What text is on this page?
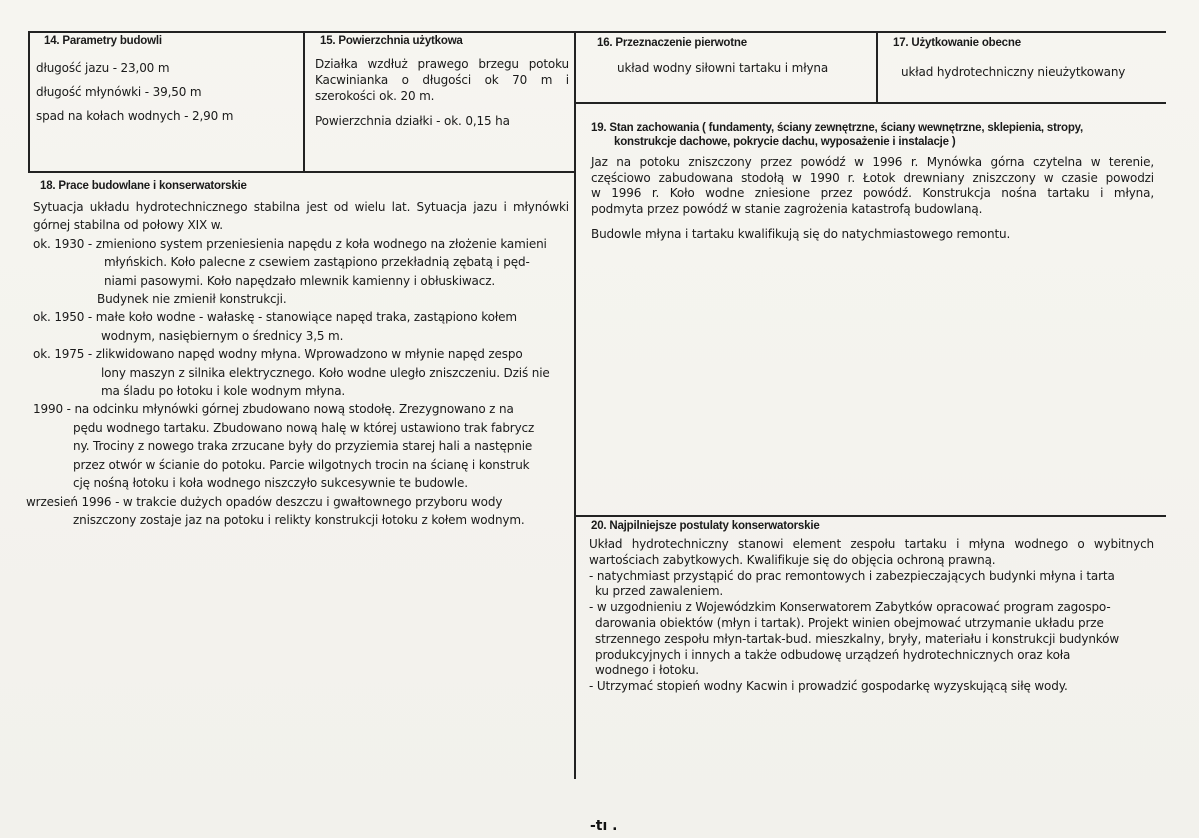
14. Parametry budowli
długość jazu - 23,00 m
długość młynówki - 39,50 m
spad na kołach wodnych - 2,90 m
15. Powierzchnia użytkowa
Działka wzdłuż prawego brzegu potoku
Kacwinianka o długości ok 70 m i
szerokości ok. 20 m.
Powierzchnia działki - ok. 0,15 ha
16. Przeznaczenie pierwotne
układ wodny siłowni tartaku i młyna
17. Użytkowanie obecne
układ hydrotechniczny nieużytkowany
18. Prace budowlane i konserwatorskie
Sytuacja układu hydrotechnicznego stabilna jest od wielu lat. Sytuacja jazu i młynówki
górnej stabilna od połowy XIX w.
ok. 1930 - zmieniono system przeniesienia napędu z koła wodnego na złożenie kamieni
młyńskich. Koło palecne z csewiem zastąpiono przekładnią zębatą i pęd-
niami pasowymi. Koło napędzało mlewnik kamienny i obłuskiwacz.
Budynek nie zmienił konstrukcji.
ok. 1950 - małe koło wodne - wałaskę - stanowiące napęd traka, zastąpiono kołem
wodnym, nasiębiernym o średnicy 3,5 m.
ok. 1975 - zlikwidowano napęd wodny młyna. Wprowadzono w młynie napęd zespo
lony maszyn z silnika elektrycznego. Koło wodne uległo zniszczeniu. Dziś nie
ma śladu po łotoku i kole wodnym młyna.
1990 - na odcinku młynówki górnej zbudowano nową stodołę. Zrezygnowano z na
pędu wodnego tartaku. Zbudowano nową halę w której ustawiono trak fabrycz
ny. Trociny z nowego traka zrzucane były do przyziemia starej hali a następnie
przez otwór w ścianie do potoku. Parcie wilgotnych trocin na ścianę i konstruk
cję nośną łotoku i koła wodnego niszczyło sukcesywnie te budowle.
wrzesień 1996 - w trakcie dużych opadów deszczu i gwałtownego przyboru wody
zniszczony zostaje jaz na potoku i relikty konstrukcji łotoku z kołem wodnym.
19. Stan zachowania ( fundamenty, ściany zewnętrzne, ściany wewnętrzne, sklepienia, stropy,
konstrukcje dachowe, pokrycie dachu, wyposażenie i instalacje )
Jaz na potoku zniszczony przez powódź w 1996 r. Mynówka górna czytelna w terenie,
częściowo zabudowana stodołą w 1990 r. Łotok drewniany zniszczony w czasie powodzi
w 1996 r. Koło wodne zniesione przez powódź. Konstrukcja nośna tartaku i młyna,
podmyta przez powódź w stanie zagrożenia katastrofą budowlaną.
Budowle młyna i tartaku kwalifikują się do natychmiastowego remontu.
20. Najpilniejsze postulaty konserwatorskie
Układ hydrotechniczny stanowi element zespołu tartaku i młyna wodnego o wybitnych
wartościach zabytkowych. Kwalifikuje się do objęcia ochroną prawną.
- natychmiast przystąpić do prac remontowych i zabezpieczających budynki młyna i tarta
ku przed zawaleniem.
- w uzgodnieniu z Wojewódzkim Konserwatorem Zabytków opracować program zagospo-
darowania obiektów (młyn i tartak). Projekt winien obejmować utrzymanie układu prze
strzennego zespołu młyn-tartak-bud. mieszkalny, bryły, materiału i konstrukcji budynków
produkcyjnych i innych a także odbudowę urządzeń hydrotechnicznych oraz koła
wodnego i łotoku.
- Utrzymać stopień wodny Kacwin i prowadzić gospodarkę wyzyskującą siłę wody.
-tı .
